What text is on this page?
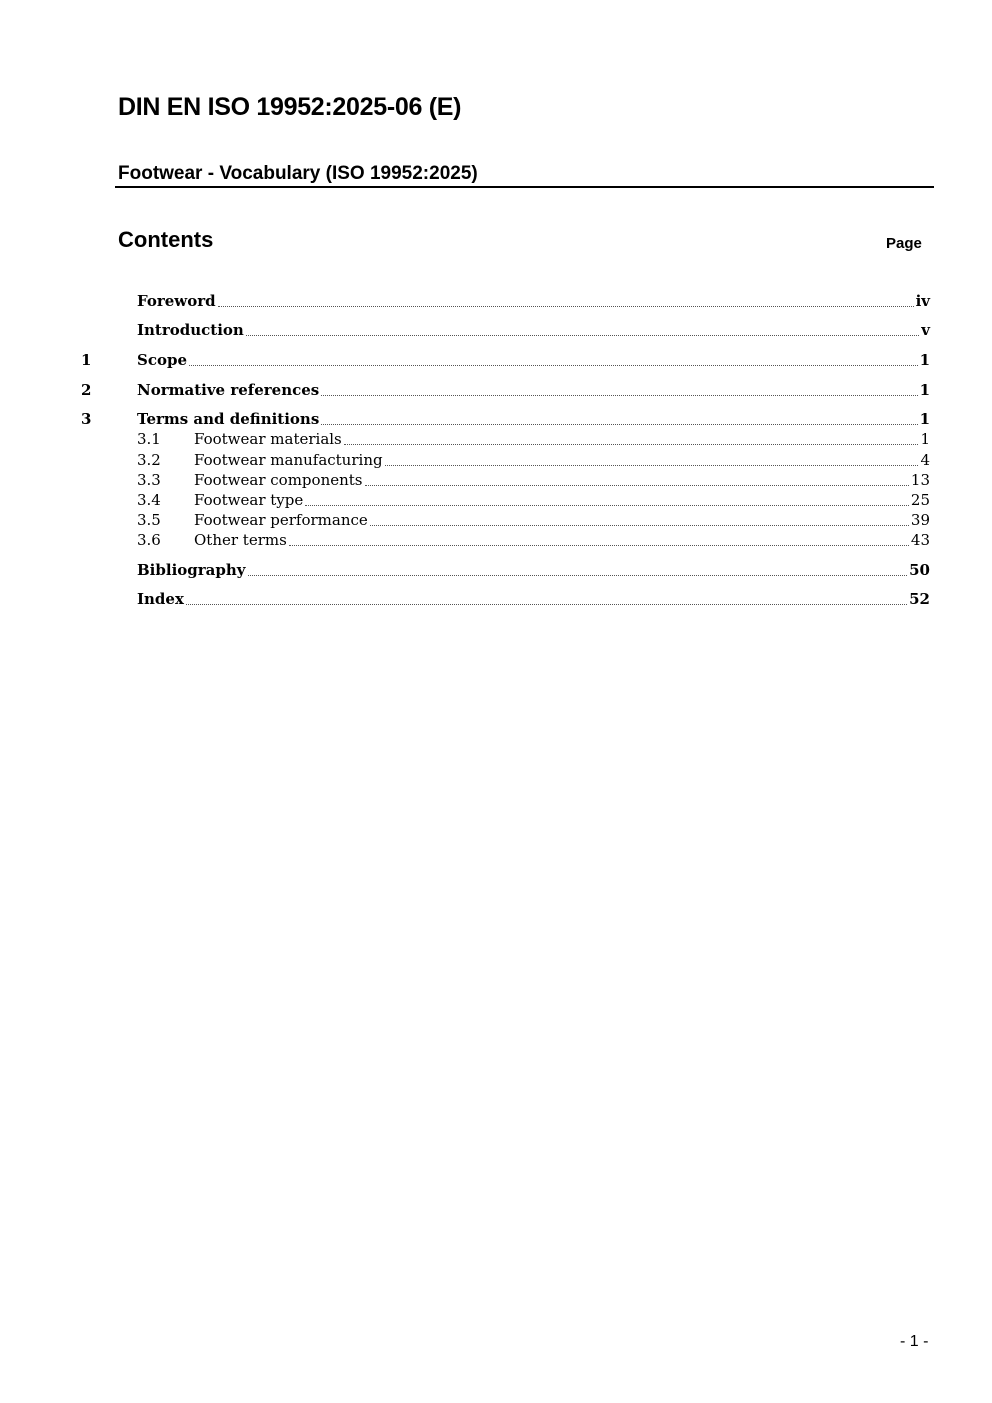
DIN EN ISO 19952:2025-06 (E)
Footwear - Vocabulary (ISO 19952:2025)
Contents	Page
Foreword	iv
Introduction	v
1	Scope	1
2	Normative references	1
3	Terms and definitions	1
3.1	Footwear materials	1
3.2	Footwear manufacturing	4
3.3	Footwear components	13
3.4	Footwear type	25
3.5	Footwear performance	39
3.6	Other terms	43
Bibliography	50
Index	52
- 1 -
